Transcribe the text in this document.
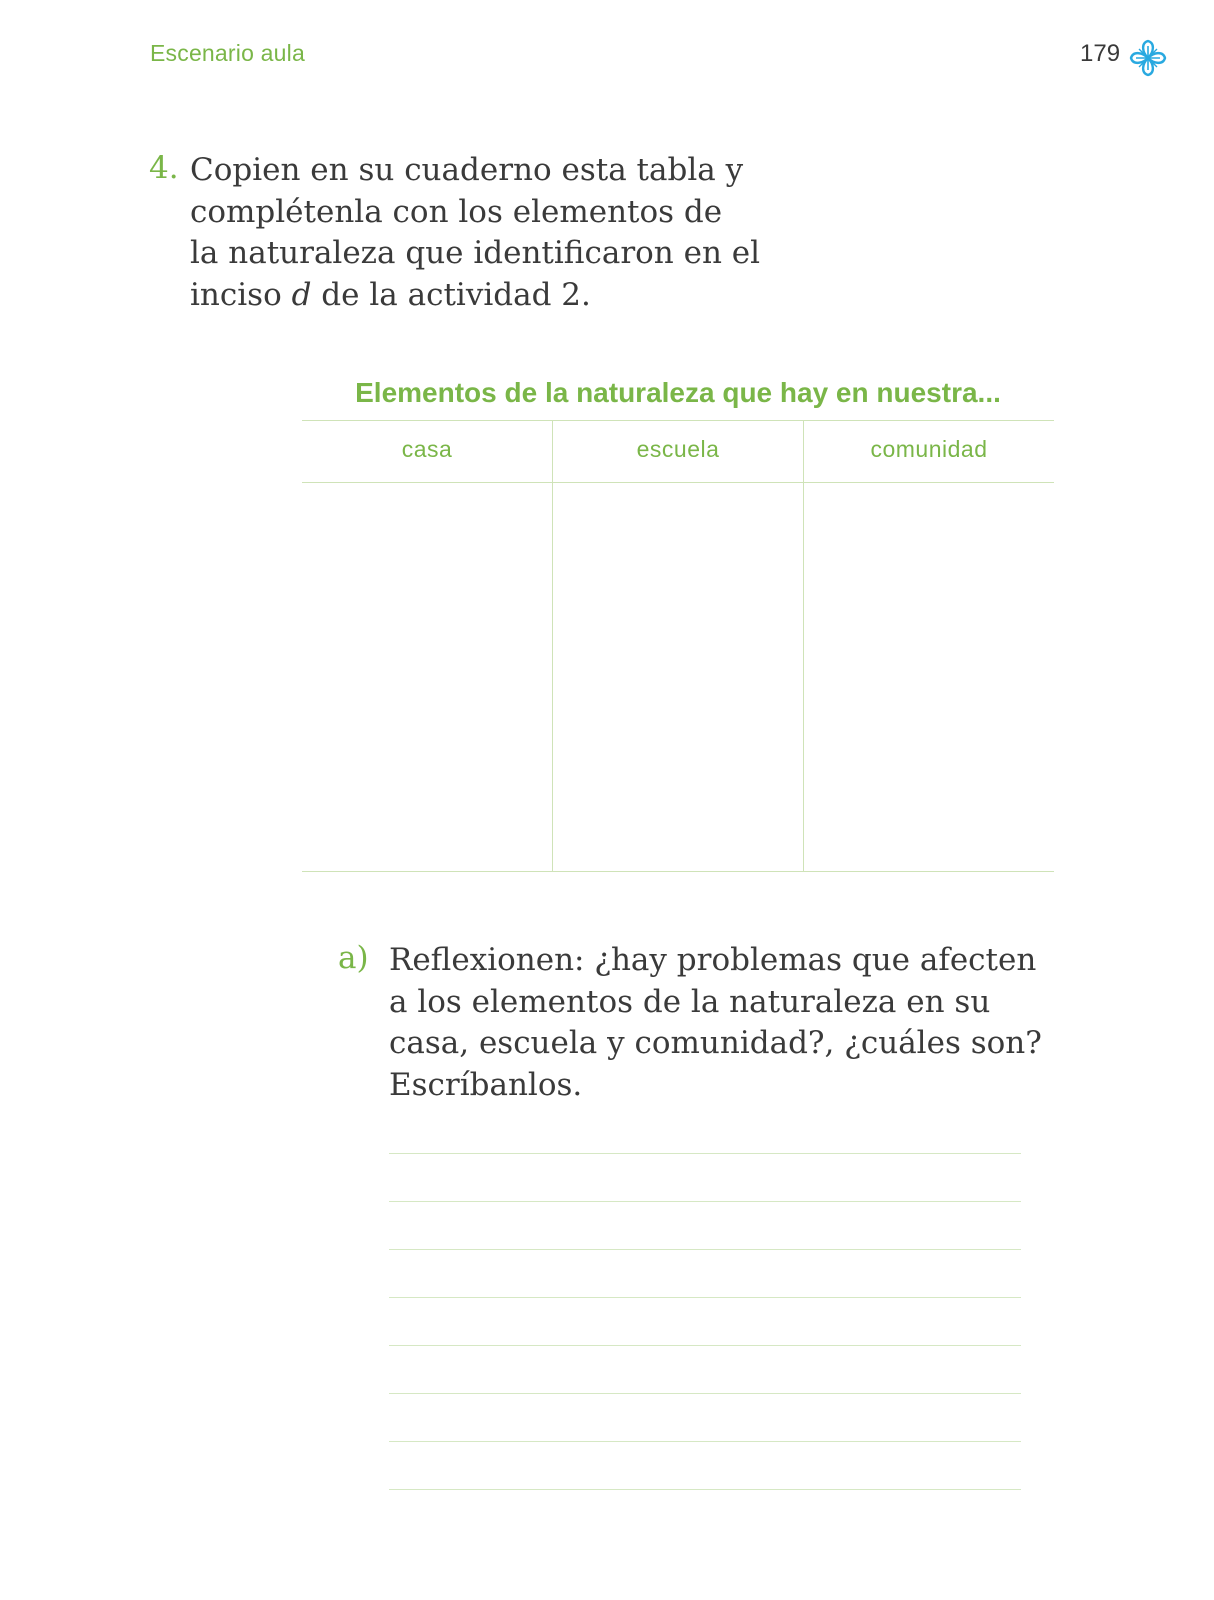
Escenario aula	179
4. Copien en su cuaderno esta tabla y
complétenla con los elementos de
la naturaleza que identificaron en el
inciso d de la actividad 2.
Elementos de la naturaleza que hay en nuestra...
casa	escuela	comunidad
a) Reflexionen: ¿hay problemas que afecten
a los elementos de la naturaleza en su
casa, escuela y comunidad?, ¿cuáles son?
Escríbanlos.
